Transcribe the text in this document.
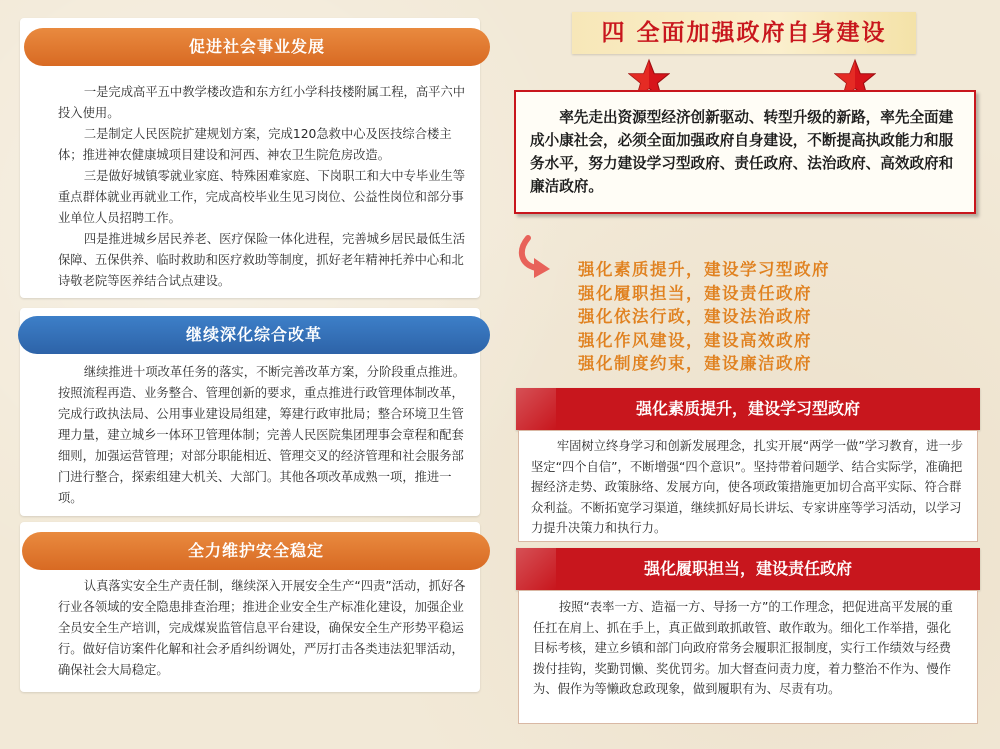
促进社会事业发展

一是完成高平五中教学楼改造和东方红小学科技楼附属工程，高平六中投入使用。

二是制定人民医院扩建规划方案，完成120急救中心及医技综合楼主体；推进神农健康城项目建设和河西、神农卫生院危房改造。

三是做好城镇零就业家庭、特殊困难家庭、下岗职工和大中专毕业生等重点群体就业再就业工作，完成高校毕业生见习岗位、公益性岗位和部分事业单位人员招聘工作。

四是推进城乡居民养老、医疗保险一体化进程，完善城乡居民最低生活保障、五保供养、临时救助和医疗救助等制度，抓好老年精神托养中心和北诗敬老院等医养结合试点建设。

继续深化综合改革

继续推进十项改革任务的落实，不断完善改革方案，分阶段重点推进。按照流程再造、业务整合、管理创新的要求，重点推进行政管理体制改革，完成行政执法局、公用事业建设局组建，筹建行政审批局；整合环境卫生管理力量，建立城乡一体环卫管理体制；完善人民医院集团理事会章程和配套细则，加强运营管理；对部分职能相近、管理交叉的经济管理和社会服务部门进行整合，探索组建大机关、大部门。其他各项改革成熟一项，推进一项。

全力维护安全稳定

认真落实安全生产责任制，继续深入开展安全生产“四责”活动，抓好各行业各领域的安全隐患排查治理；推进企业安全生产标准化建设，加强企业全员安全生产培训，完成煤炭监管信息平台建设，确保安全生产形势平稳运行。做好信访案件化解和社会矛盾纠纷调处，严厉打击各类违法犯罪活动，确保社会大局稳定。

四 全面加强政府自身建设

率先走出资源型经济创新驱动、转型升级的新路，率先全面建成小康社会，必须全面加强政府自身建设，不断提高执政能力和服务水平，努力建设学习型政府、责任政府、法治政府、高效政府和廉洁政府。

强化素质提升，建设学习型政府
强化履职担当，建设责任政府
强化依法行政，建设法治政府
强化作风建设，建设高效政府
强化制度约束，建设廉洁政府
强化素质提升，建设学习型政府

牢固树立终身学习和创新发展理念，扎实开展“两学一做”学习教育，进一步坚定“四个自信”，不断增强“四个意识”。坚持带着问题学、结合实际学，准确把握经济走势、政策脉络、发展方向，使各项政策措施更加切合高平实际、符合群众利益。不断拓宽学习渠道，继续抓好局长讲坛、专家讲座等学习活动，以学习力提升决策力和执行力。

强化履职担当，建设责任政府

按照“表率一方、造福一方、导扬一方”的工作理念，把促进高平发展的重任扛在肩上、抓在手上，真正做到敢抓敢管、敢作敢为。细化工作举措，强化目标考核，建立乡镇和部门向政府常务会履职汇报制度，实行工作绩效与经费拨付挂钩，奖勤罚懒、奖优罚劣。加大督查问责力度，着力整治不作为、慢作为、假作为等懒政怠政现象，做到履职有为、尽责有功。
